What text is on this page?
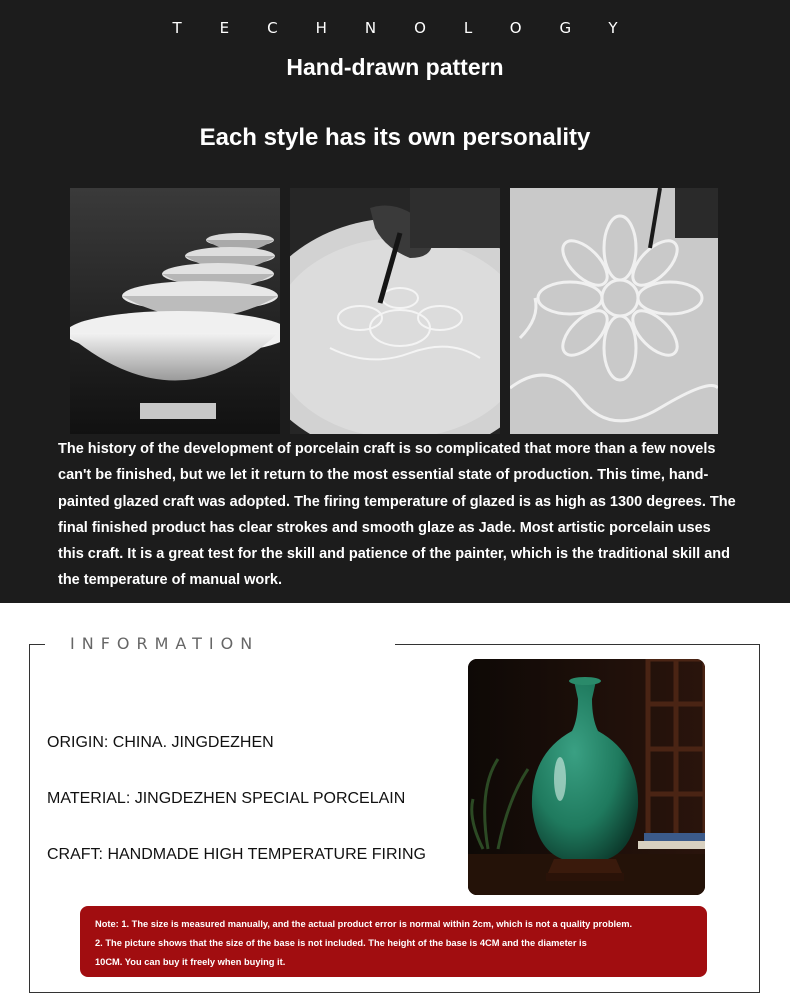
TECHNOLOGY
Hand-drawn pattern
Each style has its own personality

The history of the development of porcelain craft is so complicated that more than a few novels can't be finished, but we let it return to the most essential state of production. This time, hand-painted glazed craft was adopted. The firing temperature of glazed is as high as 1300 degrees. The final finished product has clear strokes and smooth glaze as Jade. Most artistic porcelain uses this craft. It is a great test for the skill and patience of the painter, which is the traditional skill and the temperature of manual work.

INFORMATION
ORIGIN: CHINA. JINGDEZHEN
MATERIAL: JINGDEZHEN SPECIAL PORCELAIN
CRAFT: HANDMADE HIGH TEMPERATURE FIRING
Note: 1. The size is measured manually, and the actual product error is normal within 2cm, which is not a quality problem.
2. The picture shows that the size of the base is not included. The height of the base is 4CM and the diameter is
10CM. You can buy it freely when buying it.
